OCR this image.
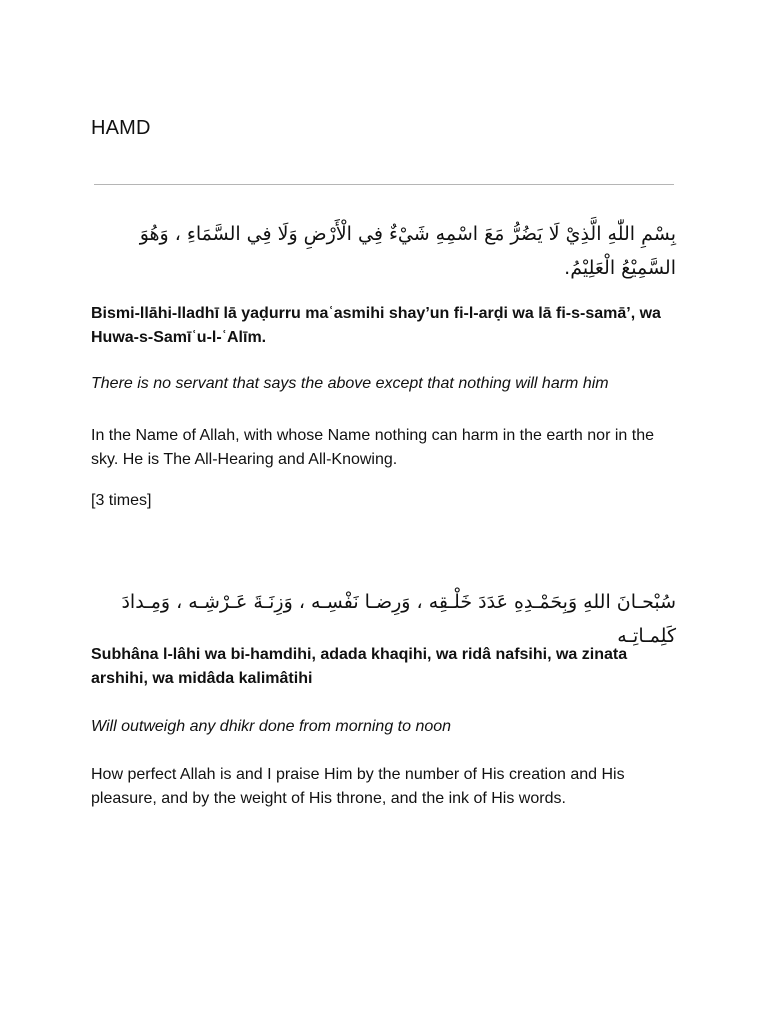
HAMD

بِسْمِ اللّٰهِ الَّذِيْ لَا يَضُرُّ مَعَ اسْمِهِ شَيْءٌ فِي الْأَرْضِ وَلَا فِي السَّمَاءِ ، وَهُوَ السَّمِيْعُ الْعَلِيْمُ.

Bismi-llāhi-lladhī lā yaḍurru maʿasmihi shay’un fi-l-arḍi wa lā fi-s-samā’, wa Huwa-s-Samīʿu-l-ʿAlīm.

There is no servant that says the above except that nothing will harm him

In the Name of Allah, with whose Name nothing can harm in the earth nor in the sky. He is The All-Hearing and All-Knowing.

[3 times]

سُبْحـانَ اللهِ وَبِحَمْـدِهِ عَدَدَ خَلْـقِه ، وَرِضـا نَفْسِـه ، وَزِنَـةَ عَـرْشِـه ، وَمِـدادَ كَلِمـاتِـه

Subhâna l-lâhi wa bi-hamdihi, adada khaqihi, wa ridâ nafsihi, wa zinata arshihi, wa midâda kalimâtihi

Will outweigh any dhikr done from morning to noon

How perfect Allah is and I praise Him by the number of His creation and His pleasure, and by the weight of His throne, and the ink of His words.
